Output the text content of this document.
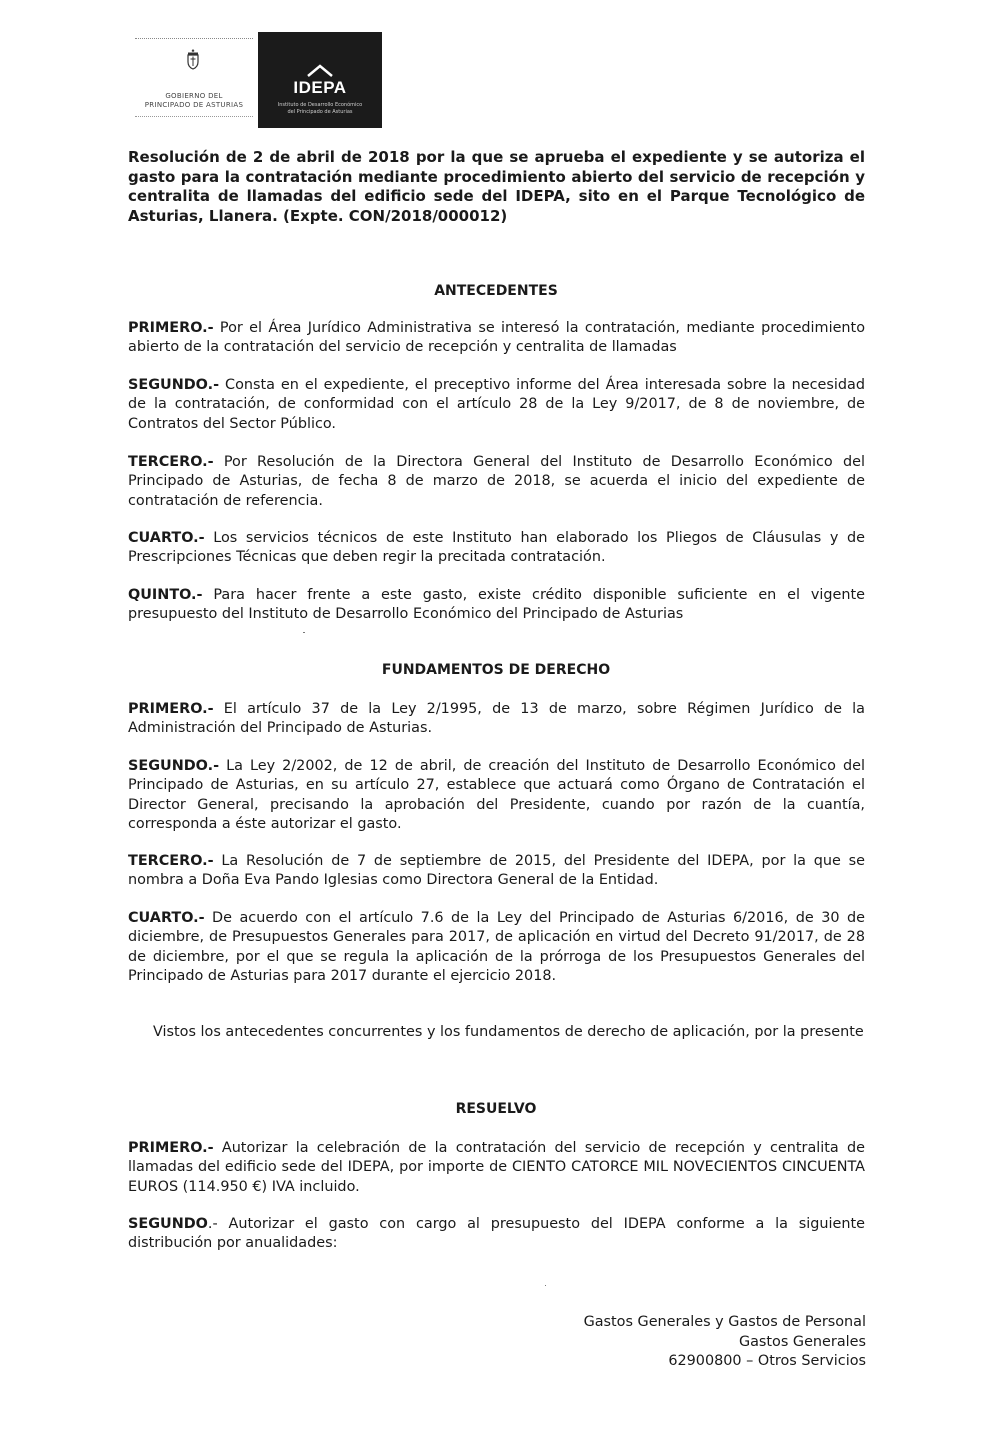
GOBIERNO DEL
PRINCIPADO DE ASTURIAS
IDEPA
Instituto de Desarrollo Económico
del Principado de Asturias
Resolución de 2 de abril de 2018 por la que se aprueba el expediente y se autoriza el gasto para la contratación mediante procedimiento abierto del servicio de recepción y centralita de llamadas del edificio sede del IDEPA, sito en el Parque Tecnológico de Asturias, Llanera. (Expte. CON/2018/000012)
ANTECEDENTES
PRIMERO.- Por el Área Jurídico Administrativa se interesó la contratación, mediante procedimiento abierto de la contratación del servicio de recepción y centralita de llamadas
SEGUNDO.- Consta en el expediente, el preceptivo informe del Área interesada sobre la necesidad de la contratación, de conformidad con el artículo 28 de la Ley 9/2017, de 8 de noviembre, de Contratos del Sector Público.
TERCERO.- Por Resolución de la Directora General del Instituto de Desarrollo Económico del Principado de Asturias, de fecha 8 de marzo de 2018, se acuerda el inicio del expediente de contratación de referencia.
CUARTO.- Los servicios técnicos de este Instituto han elaborado los Pliegos de Cláusulas y de Prescripciones Técnicas que deben regir la precitada contratación.
QUINTO.- Para hacer frente a este gasto, existe crédito disponible suficiente en el vigente presupuesto del Instituto de Desarrollo Económico del Principado de Asturias
FUNDAMENTOS DE DERECHO
PRIMERO.- El artículo 37 de la Ley 2/1995, de 13 de marzo, sobre Régimen Jurídico de la Administración del Principado de Asturias.
SEGUNDO.- La Ley 2/2002, de 12 de abril, de creación del Instituto de Desarrollo Económico del Principado de Asturias, en su artículo 27, establece que actuará como Órgano de Contratación el Director General, precisando la aprobación del Presidente, cuando por razón de la cuantía, corresponda a éste autorizar el gasto.
TERCERO.- La Resolución de 7 de septiembre de 2015, del Presidente del IDEPA, por la que se nombra a Doña Eva Pando Iglesias como Directora General de la Entidad.
CUARTO.- De acuerdo con el artículo 7.6 de la Ley del Principado de Asturias 6/2016, de 30 de diciembre, de Presupuestos Generales para 2017, de aplicación en virtud del Decreto 91/2017, de 28 de diciembre, por el que se regula la aplicación de la prórroga de los Presupuestos Generales del Principado de Asturias para 2017 durante el ejercicio 2018.
Vistos los antecedentes concurrentes y los fundamentos de derecho de aplicación, por la presente
RESUELVO
PRIMERO.- Autorizar la celebración de la contratación del servicio de recepción y centralita de llamadas del edificio sede del IDEPA, por importe de CIENTO CATORCE MIL NOVECIENTOS CINCUENTA EUROS (114.950 €) IVA incluido.
SEGUNDO.- Autorizar el gasto con cargo al presupuesto del IDEPA conforme a la siguiente distribución por anualidades:
Gastos Generales y Gastos de Personal
Gastos Generales
62900800 – Otros Servicios
